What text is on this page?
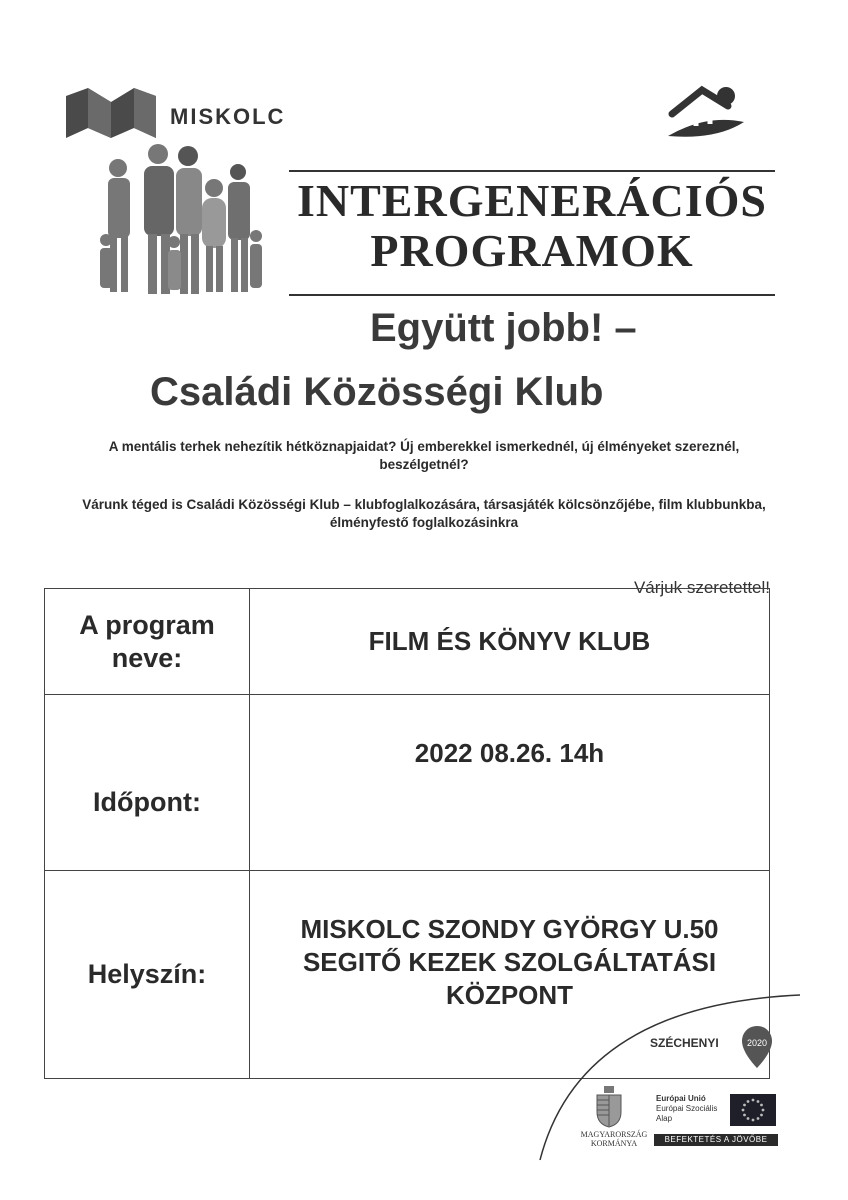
MISKOLC
INTERGENERÁCIÓS
PROGRAMOK
Együtt jobb! –
Családi Közösségi Klub
A mentális terhek nehezítik hétköznapjaidat? Új emberekkel ismerkednél, új élményeket szereznél,
beszélgetnél?
Várunk téged is Családi Közösségi Klub – klubfoglalkozására, társasjáték kölcsönzőjébe, film klubbunkba,
élményfestő foglalkozásinkra
Várjuk szeretettel!
A program
neve:	FILM ÉS KÖNYV KLUB

Időpont:	2022 08.26. 14h

Helyszín:	MISKOLC SZONDY GYÖRGY U.50
SEGITŐ KEZEK SZOLGÁLTATÁSI
KÖZPONT
SZÉCHENYI	2020
MAGYARORSZÁG
KORMÁNYA
Európai Unió
Európai Szociális
Alap
BEFEKTETÉS A JÖVŐBE
